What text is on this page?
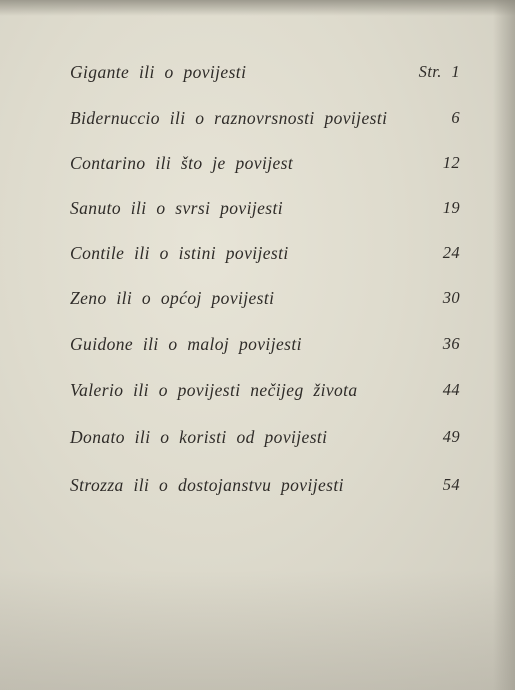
Gigante ili o povijesti	Str. 1
Bidernuccio ili o raznovrsnosti povijesti	6
Contarino ili što je povijest	12
Sanuto ili o svrsi povijesti	19
Contile ili o istini povijesti	24
Zeno ili o općoj povijesti	30
Guidone ili o maloj povijesti	36
Valerio ili o povijesti nečijeg života	44
Donato ili o koristi od povijesti	49
Strozza ili o dostojanstvu povijesti	54
